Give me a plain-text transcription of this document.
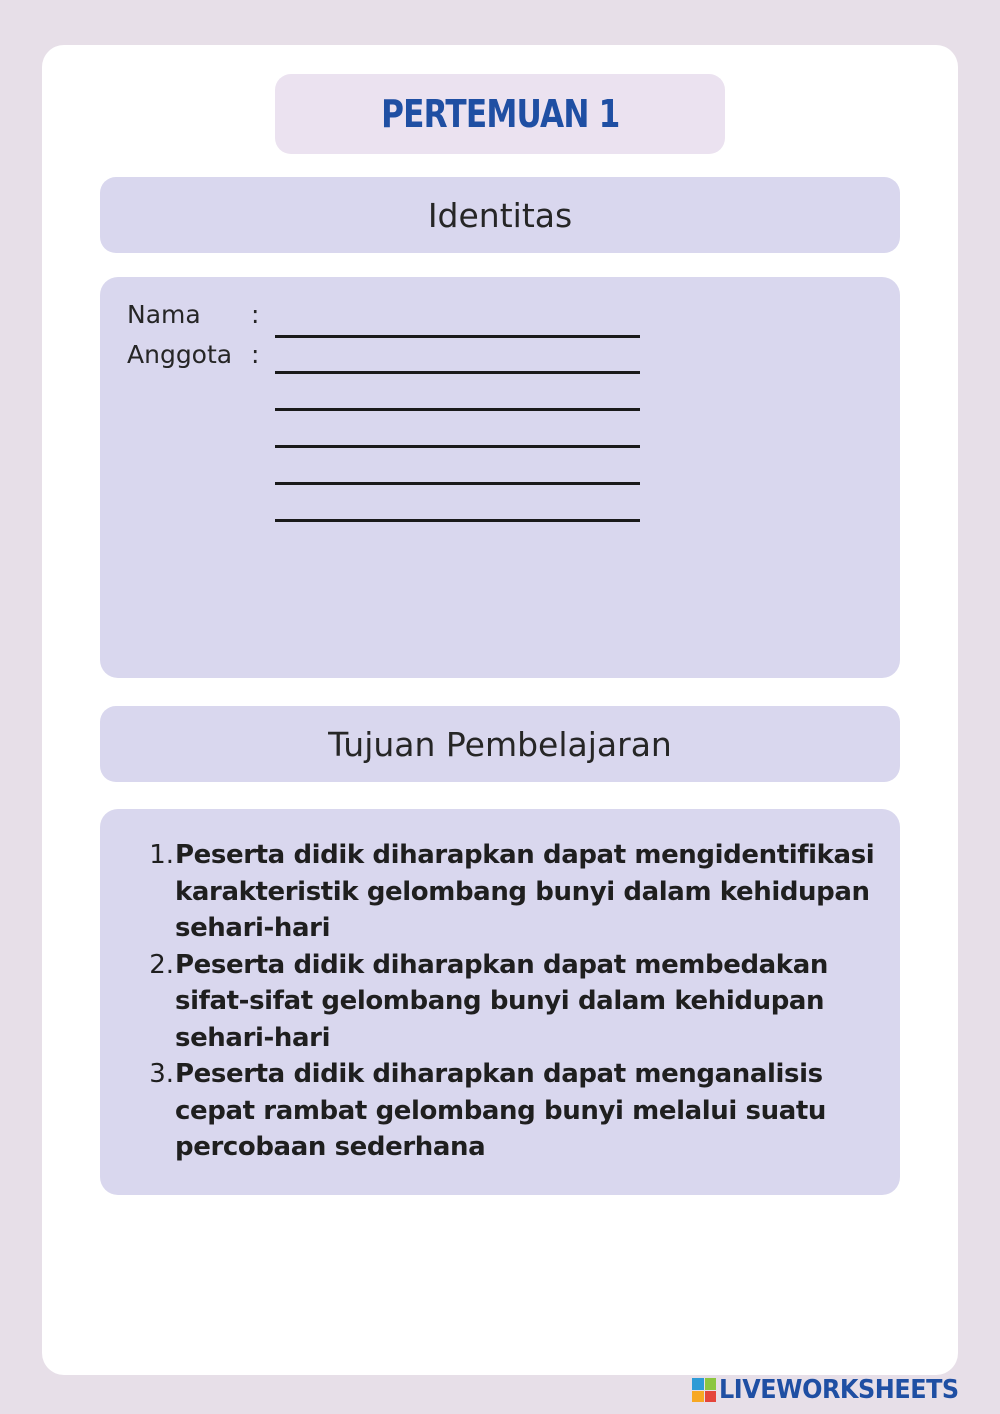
PERTEMUAN 1
Identitas
Nama :
Anggota :
Tujuan Pembelajaran
1. Peserta didik diharapkan dapat mengidentifikasi karakteristik gelombang bunyi dalam kehidupan sehari-hari
2. Peserta didik diharapkan dapat membedakan sifat-sifat gelombang bunyi dalam kehidupan sehari-hari
3. Peserta didik diharapkan dapat menganalisis cepat rambat gelombang bunyi melalui suatu percobaan sederhana
LIVEWORKSHEETS
